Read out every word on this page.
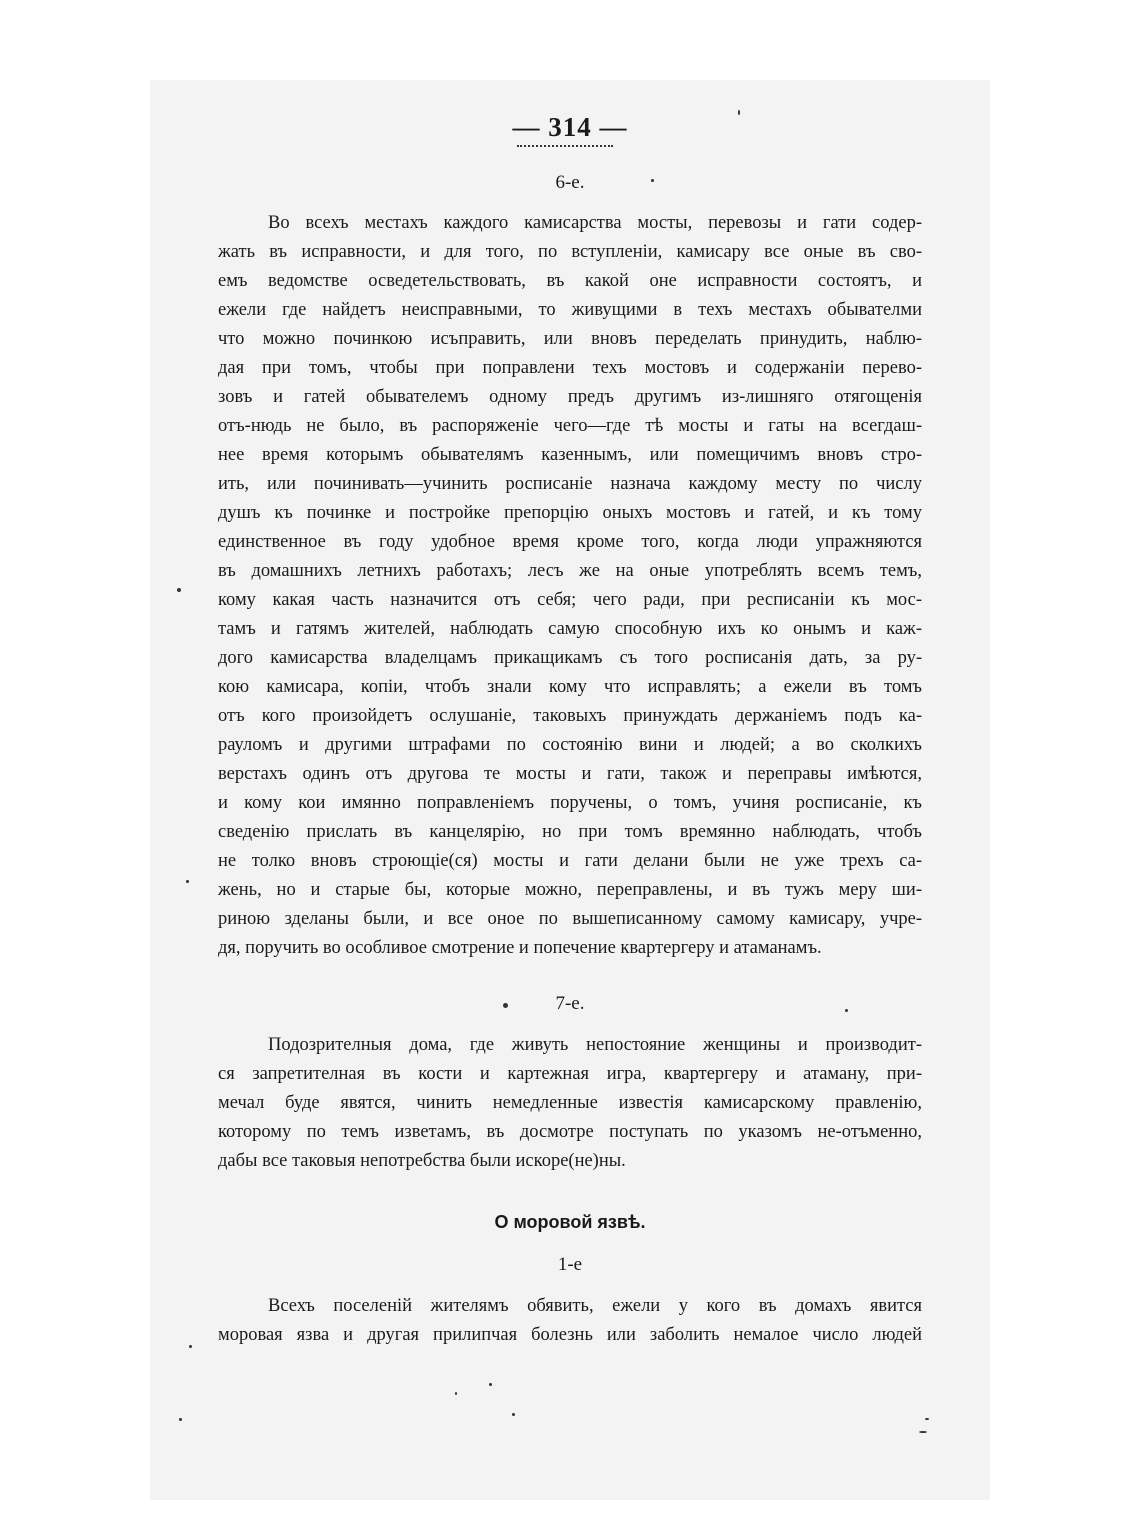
— 314 —
6-е.
Во всехъ местахъ каждого камисарства мосты, перевозы и гати содер-
жать въ исправности, и для того, по вступленіи, камисару все оные въ сво-
емъ ведомстве осведетельствовать, въ какой оне исправности состоятъ, и
ежели где найдетъ неисправными, то живущими в техъ местахъ обывателми
что можно починкою исъправить, или вновъ переделать принудить, наблю-
дая при томъ, чтобы при поправлени техъ мостовъ и содержаніи перево-
зовъ и гатей обывателемъ одному предъ другимъ из-лишняго отягощенія
отъ-нюдь не было, въ распоряженіе чего—где тѣ мосты и гаты на всегдаш-
нее время которымъ обывателямъ казеннымъ, или помещичимъ вновъ стро-
ить, или починивать—учинить росписаніе назнача каждому месту по числу
душъ къ починке и постройке препорцію оныхъ мостовъ и гатей, и къ тому
единственное въ году удобное время кроме того, когда люди упражняются
въ домашнихъ летнихъ работахъ; лесъ же на оные употреблять всемъ темъ,
кому какая часть назначится отъ себя; чего ради, при респисаніи къ мос-
тамъ и гатямъ жителей, наблюдать самую способную ихъ ко онымъ и каж-
дого камисарства владелцамъ прикащикамъ съ того росписанія дать, за ру-
кою камисара, копіи, чтобъ знали кому что исправлять; а ежели въ томъ
отъ кого произойдетъ ослушаніе, таковыхъ принуждать держаніемъ подъ ка-
рауломъ и другими штрафами по состоянію вини и людей; а во сколкихъ
верстахъ одинъ отъ другова те мосты и гати, також и переправы имѣются,
и кому кои имянно поправленіемъ поручены, о томъ, учиня росписаніе, къ
сведенію прислать въ канцелярію, но при томъ времянно наблюдать, чтобъ
не толко вновъ строющіе(ся) мосты и гати делани были не уже трехъ са-
жень, но и старые бы, которые можно, переправлены, и въ тужъ меру ши-
риною зделаны были, и все оное по вышеписанному самому камисару, учре-
дя, поручить во особливое смотрение и попечение квартергеру и атаманамъ.
7-е.
Подозрителныя дома, где живуть непостояние женщины и производит-
ся запретителная въ кости и картежная игра, квартергеру и атаману, при-
мечал буде явятся, чинить немедленные известія камисарскому правленію,
которому по темъ изветамъ, въ досмотре поступать по указомъ не-отъменно,
дабы все таковыя непотребства были искоре(не)ны.
О моровой язвѣ.
1-е
Всехъ поселеній жителямъ обявить, ежели у кого въ домахъ явится
моровая язва и другая прилипчая болезнь или заболить немалое число людей
